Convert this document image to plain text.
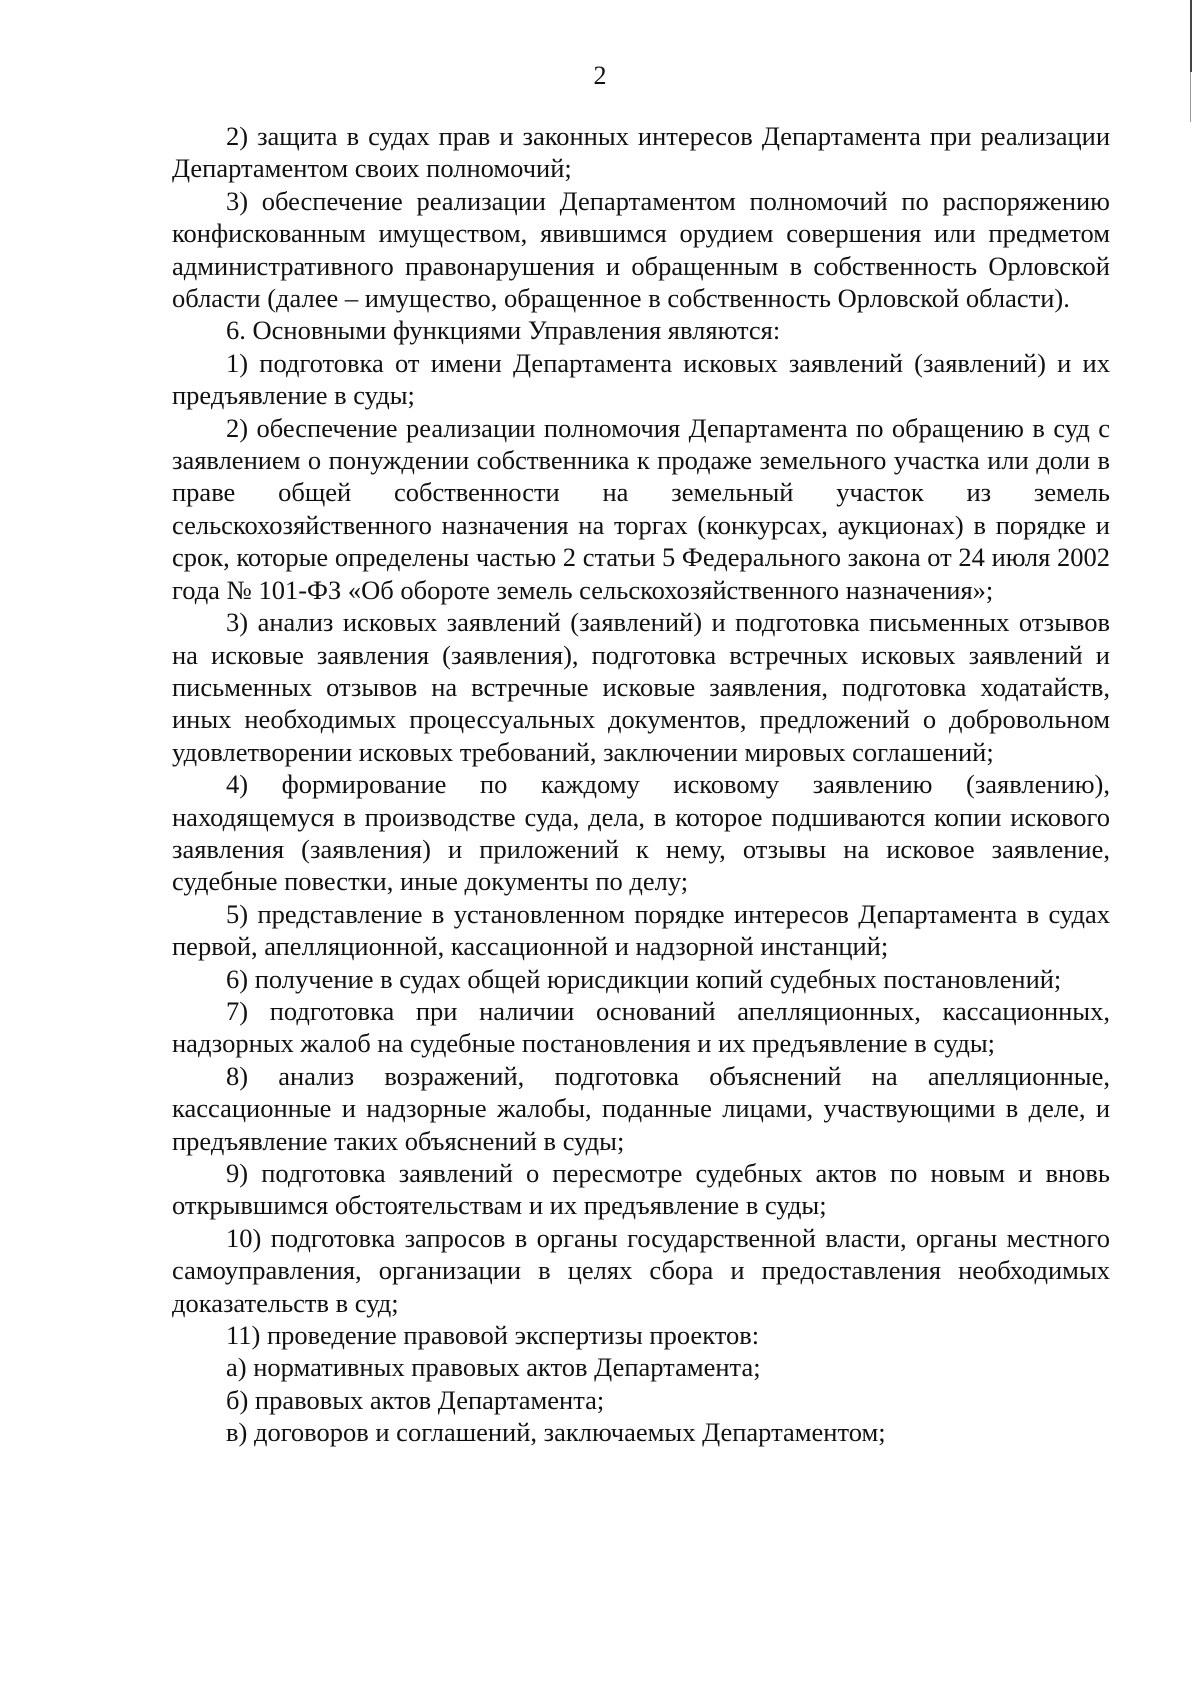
2

2) защита в судах прав и законных интересов Департамента при реализации Департаментом своих полномочий;

3) обеспечение реализации Департаментом полномочий по распоряжению конфискованным имуществом, явившимся орудием совершения или предметом административного правонарушения и обращенным в собственность Орловской области (далее – имущество, обращенное в собственность Орловской области).

6. Основными функциями Управления являются:

1) подготовка от имени Департамента исковых заявлений (заявлений) и их предъявление в суды;

2) обеспечение реализации полномочия Департамента по обращению в суд с заявлением о понуждении собственника к продаже земельного участка или доли в праве общей собственности на земельный участок из земель сельскохозяйственного назначения на торгах (конкурсах, аукционах) в порядке и срок, которые определены частью 2 статьи 5 Федерального закона от 24 июля 2002 года № 101-ФЗ «Об обороте земель сельскохозяйственного назначения»;

3) анализ исковых заявлений (заявлений) и подготовка письменных отзывов на исковые заявления (заявления), подготовка встречных исковых заявлений и письменных отзывов на встречные исковые заявления, подготовка ходатайств, иных необходимых процессуальных документов, предложений о добровольном удовлетворении исковых требований, заключении мировых соглашений;

4) формирование по каждому исковому заявлению (заявлению), находящемуся в производстве суда, дела, в которое подшиваются копии искового заявления (заявления) и приложений к нему, отзывы на исковое заявление, судебные повестки, иные документы по делу;

5) представление в установленном порядке интересов Департамента в судах первой, апелляционной, кассационной и надзорной инстанций;

6) получение в судах общей юрисдикции копий судебных постановлений;

7) подготовка при наличии оснований апелляционных, кассационных, надзорных жалоб на судебные постановления и их предъявление в суды;

8) анализ возражений, подготовка объяснений на апелляционные, кассационные и надзорные жалобы, поданные лицами, участвующими в деле, и предъявление таких объяснений в суды;

9) подготовка заявлений о пересмотре судебных актов по новым и вновь открывшимся обстоятельствам и их предъявление в суды;

10) подготовка запросов в органы государственной власти, органы местного самоуправления, организации в целях сбора и предоставления необходимых доказательств в суд;

11) проведение правовой экспертизы проектов:

а) нормативных правовых актов Департамента;

б) правовых актов Департамента;

в) договоров и соглашений, заключаемых Департаментом;
